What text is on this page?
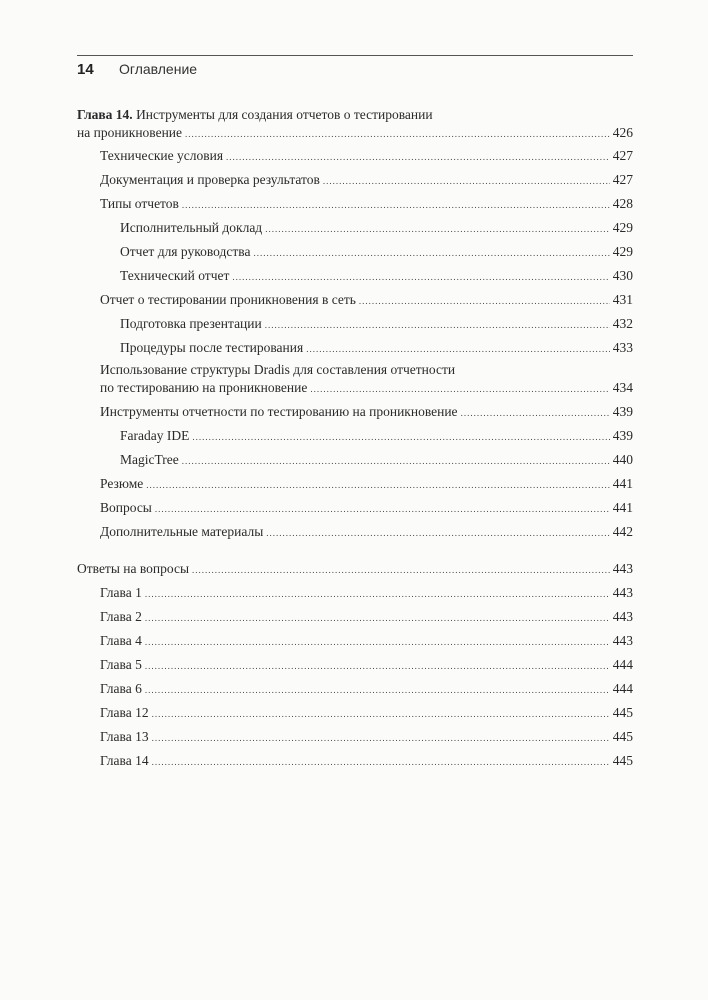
14	Оглавление
Глава 14. Инструменты для создания отчетов о тестировании
на проникновение .....	426
Технические условия .....	427
Документация и проверка результатов .....	427
Типы отчетов .....	428
Исполнительный доклад .....	429
Отчет для руководства .....	429
Технический отчет .....	430
Отчет о тестировании проникновения в сеть .....	431
Подготовка презентации .....	432
Процедуры после тестирования .....	433
Использование структуры Dradis для составления отчетности
по тестированию на проникновение .....	434
Инструменты отчетности по тестированию на проникновение .....	439
Faraday IDE .....	439
MagicTree .....	440
Резюме .....	441
Вопросы .....	441
Дополнительные материалы .....	442
Ответы на вопросы .....	443
Глава 1 .....	443
Глава 2 .....	443
Глава 4 .....	443
Глава 5 .....	444
Глава 6 .....	444
Глава 12 .....	445
Глава 13 .....	445
Глава 14 .....	445
